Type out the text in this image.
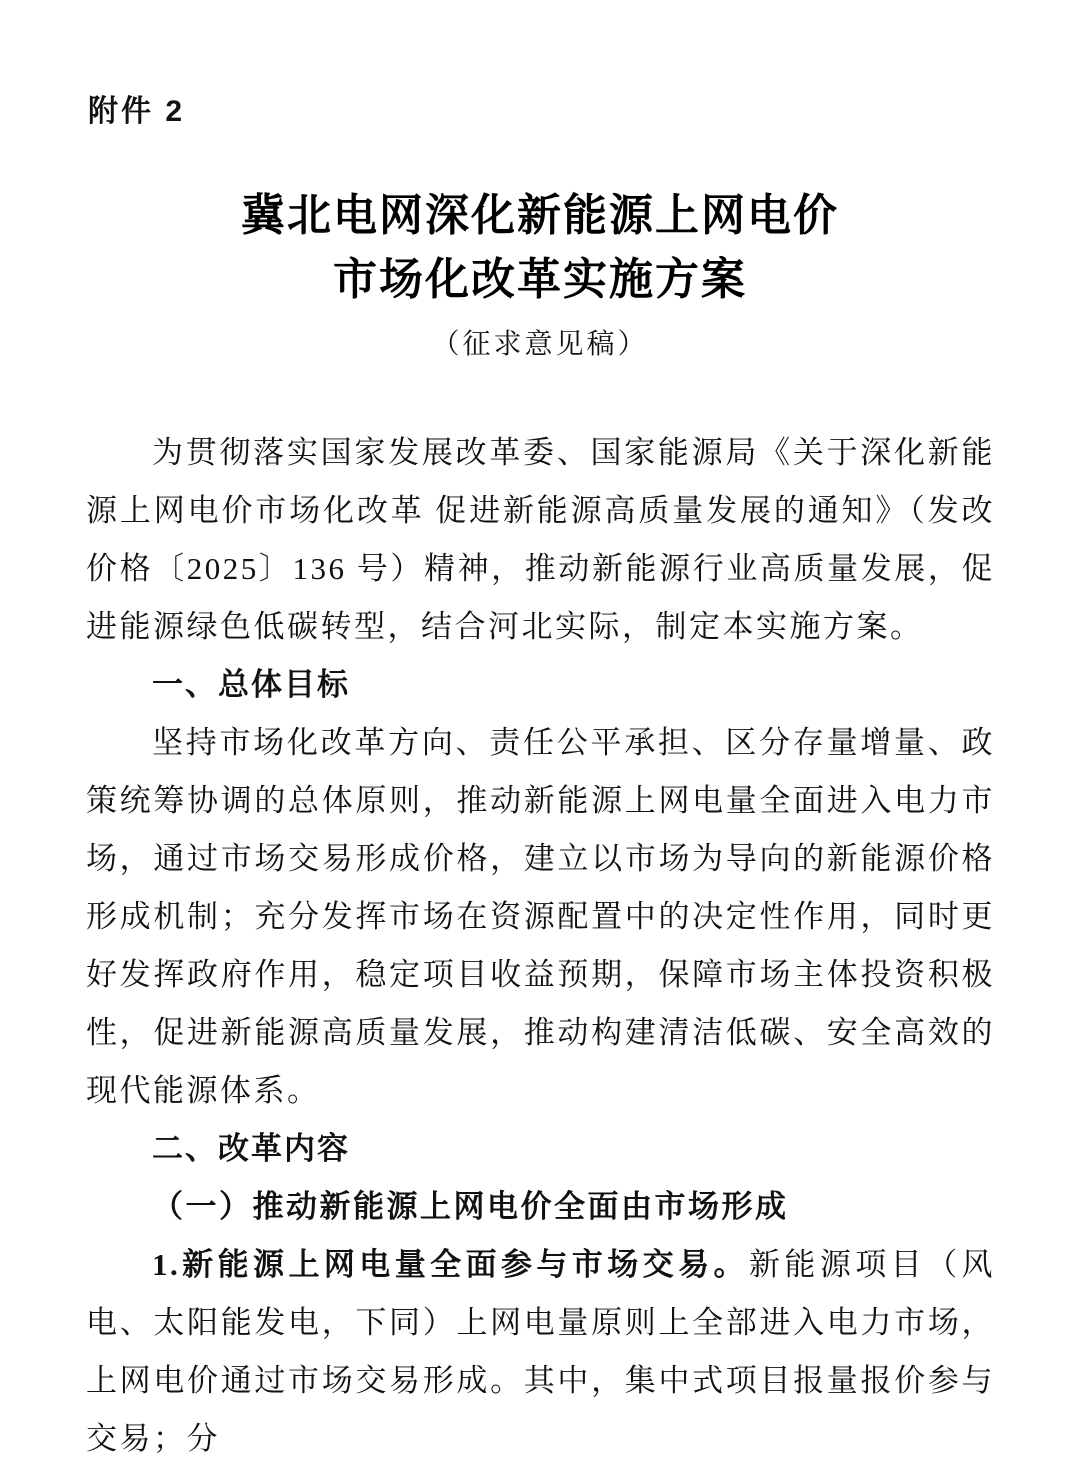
附件 2
冀北电网深化新能源上网电价
市场化改革实施方案
（征求意见稿）

为贯彻落实国家发展改革委、国家能源局《关于深化新能源上网电价市场化改革 促进新能源高质量发展的通知》（发改价格〔2025〕136 号）精神，推动新能源行业高质量发展，促进能源绿色低碳转型，结合河北实际，制定本实施方案。

一、总体目标

坚持市场化改革方向、责任公平承担、区分存量增量、政策统筹协调的总体原则，推动新能源上网电量全面进入电力市场，通过市场交易形成价格，建立以市场为导向的新能源价格形成机制；充分发挥市场在资源配置中的决定性作用，同时更好发挥政府作用，稳定项目收益预期，保障市场主体投资积极性，促进新能源高质量发展，推动构建清洁低碳、安全高效的现代能源体系。

二、改革内容
（一）推动新能源上网电价全面由市场形成

1.新能源上网电量全面参与市场交易。新能源项目（风电、太阳能发电，下同）上网电量原则上全部进入电力市场，上网电价通过市场交易形成。其中，集中式项目报量报价参与交易；分
